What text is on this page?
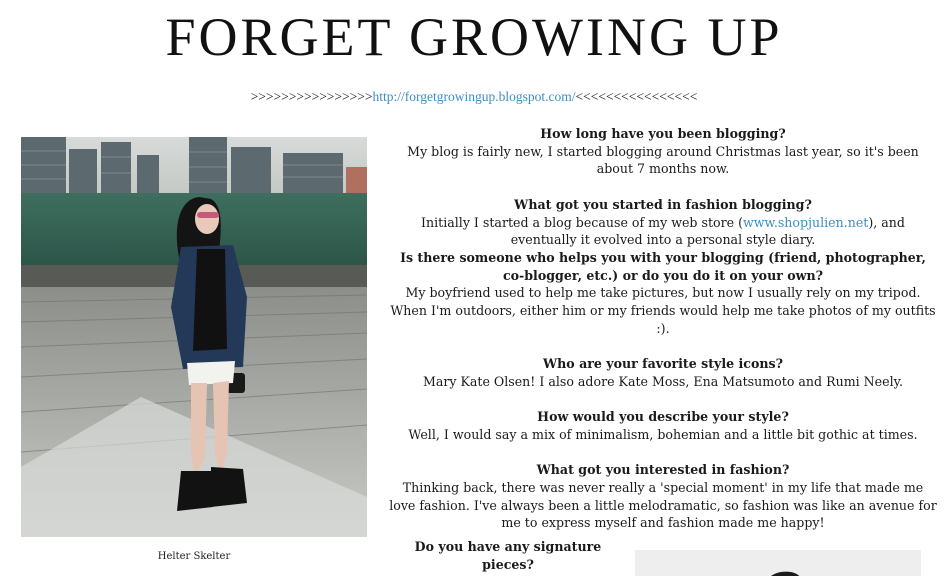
FORGET GROWING UP
>>>>>>>>>>>>>>>>http://forgetgrowingup.blogspot.com/<<<<<<<<<<<<<<<<
Helter Skelter

How long have you been blogging?

My blog is fairly new, I started blogging around Christmas last year, so it's been about 7 months now.

What got you started in fashion blogging?

Initially I started a blog because of my web store (www.shopjulien.net), and eventually it evolved into a personal style diary.

Is there someone who helps you with your blogging (friend, photographer, co-blogger, etc.) or do you do it on your own?

My boyfriend used to help me take pictures, but now I usually rely on my tripod. When I'm outdoors, either him or my friends would help me take photos of my outfits :).

Who are your favorite style icons?

Mary Kate Olsen! I also adore Kate Moss, Ena Matsumoto and Rumi Neely.

How would you describe your style?

Well, I would say a mix of minimalism, bohemian and a little bit gothic at times.

What got you interested in fashion?

Thinking back, there was never really a 'special moment' in my life that made me love fashion. I've always been a little melodramatic, so fashion was like an avenue for me to express myself and fashion made me happy!

Do you have any signature pieces?
